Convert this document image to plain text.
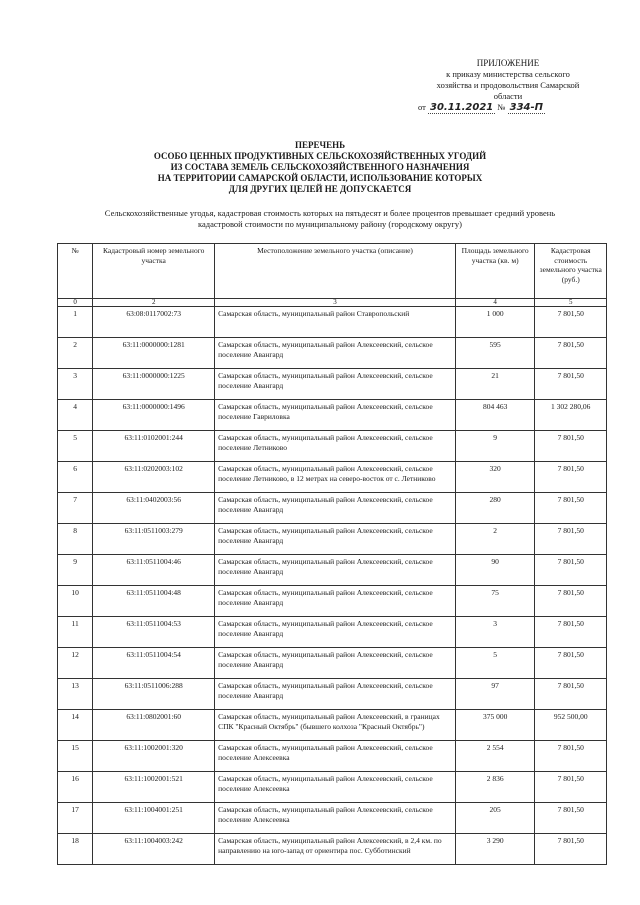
ПРИЛОЖЕНИЕ
к приказу министерства сельского
хозяйства и продовольствия Самарской
области
от 30.11.2021 № 334-П
ПЕРЕЧЕНЬ
ОСОБО ЦЕННЫХ ПРОДУКТИВНЫХ СЕЛЬСКОХОЗЯЙСТВЕННЫХ УГОДИЙ
ИЗ СОСТАВА ЗЕМЕЛЬ СЕЛЬСКОХОЗЯЙСТВЕННОГО НАЗНАЧЕНИЯ
НА ТЕРРИТОРИИ САМАРСКОЙ ОБЛАСТИ, ИСПОЛЬЗОВАНИЕ КОТОРЫХ
ДЛЯ ДРУГИХ ЦЕЛЕЙ НЕ ДОПУСКАЕТСЯ
Сельскохозяйственные угодья, кадастровая стоимость которых на пятьдесят и более процентов превышает средний уровень
кадастровой стоимости по муниципальному району (городскому округу)
№	Кадастровый номер земельного участка	Местоположение земельного участка (описание)	Площадь земельного участка (кв. м)	Кадастровая стоимость земельного участка (руб.)
0	2	3	4	5
1	63:08:0117002:73	Самарская область, муниципальный район Ставропольский	1 000	7 801,50
2	63:11:0000000:1281	Самарская область, муниципальный район Алексеевский, сельское поселение Авангард	595	7 801,50
3	63:11:0000000:1225	Самарская область, муниципальный район Алексеевский, сельское поселение Авангард	21	7 801,50
4	63:11:0000000:1496	Самарская область, муниципальный район Алексеевский, сельское поселение Гавриловка	804 463	1 302 280,06
5	63:11:0102001:244	Самарская область, муниципальный район Алексеевский, сельское поселение Летниково	9	7 801,50
6	63:11:0202003:102	Самарская область, муниципальный район Алексеевский, сельское поселение Летниково, в 12 метрах на северо-восток от с. Летниково	320	7 801,50
7	63:11:0402003:56	Самарская область, муниципальный район Алексеевский, сельское поселение Авангард	280	7 801,50
8	63:11:0511003:279	Самарская область, муниципальный район Алексеевский, сельское поселение Авангард	2	7 801,50
9	63:11:0511004:46	Самарская область, муниципальный район Алексеевский, сельское поселение Авангард	90	7 801,50
10	63:11:0511004:48	Самарская область, муниципальный район Алексеевский, сельское поселение Авангард	75	7 801,50
11	63:11:0511004:53	Самарская область, муниципальный район Алексеевский, сельское поселение Авангард	3	7 801,50
12	63:11:0511004:54	Самарская область, муниципальный район Алексеевский, сельское поселение Авангард	5	7 801,50
13	63:11:0511006:288	Самарская область, муниципальный район Алексеевский, сельское поселение Авангард	97	7 801,50
14	63:11:0802001:60	Самарская область, муниципальный район Алексеевский, в границах СПК "Красный Октябрь" (бывшего колхоза "Красный Октябрь")	375 000	952 500,00
15	63:11:1002001:320	Самарская область, муниципальный район Алексеевский, сельское поселение Алексеевка	2 554	7 801,50
16	63:11:1002001:521	Самарская область, муниципальный район Алексеевский, сельское поселение Алексеевка	2 836	7 801,50
17	63:11:1004001:251	Самарская область, муниципальный район Алексеевский, сельское поселение Алексеевка	205	7 801,50
18	63:11:1004003:242	Самарская область, муниципальный район Алексеевский, в 2,4 км. по направлению на юго-запад от ориентира пос. Субботинский	3 290	7 801,50
